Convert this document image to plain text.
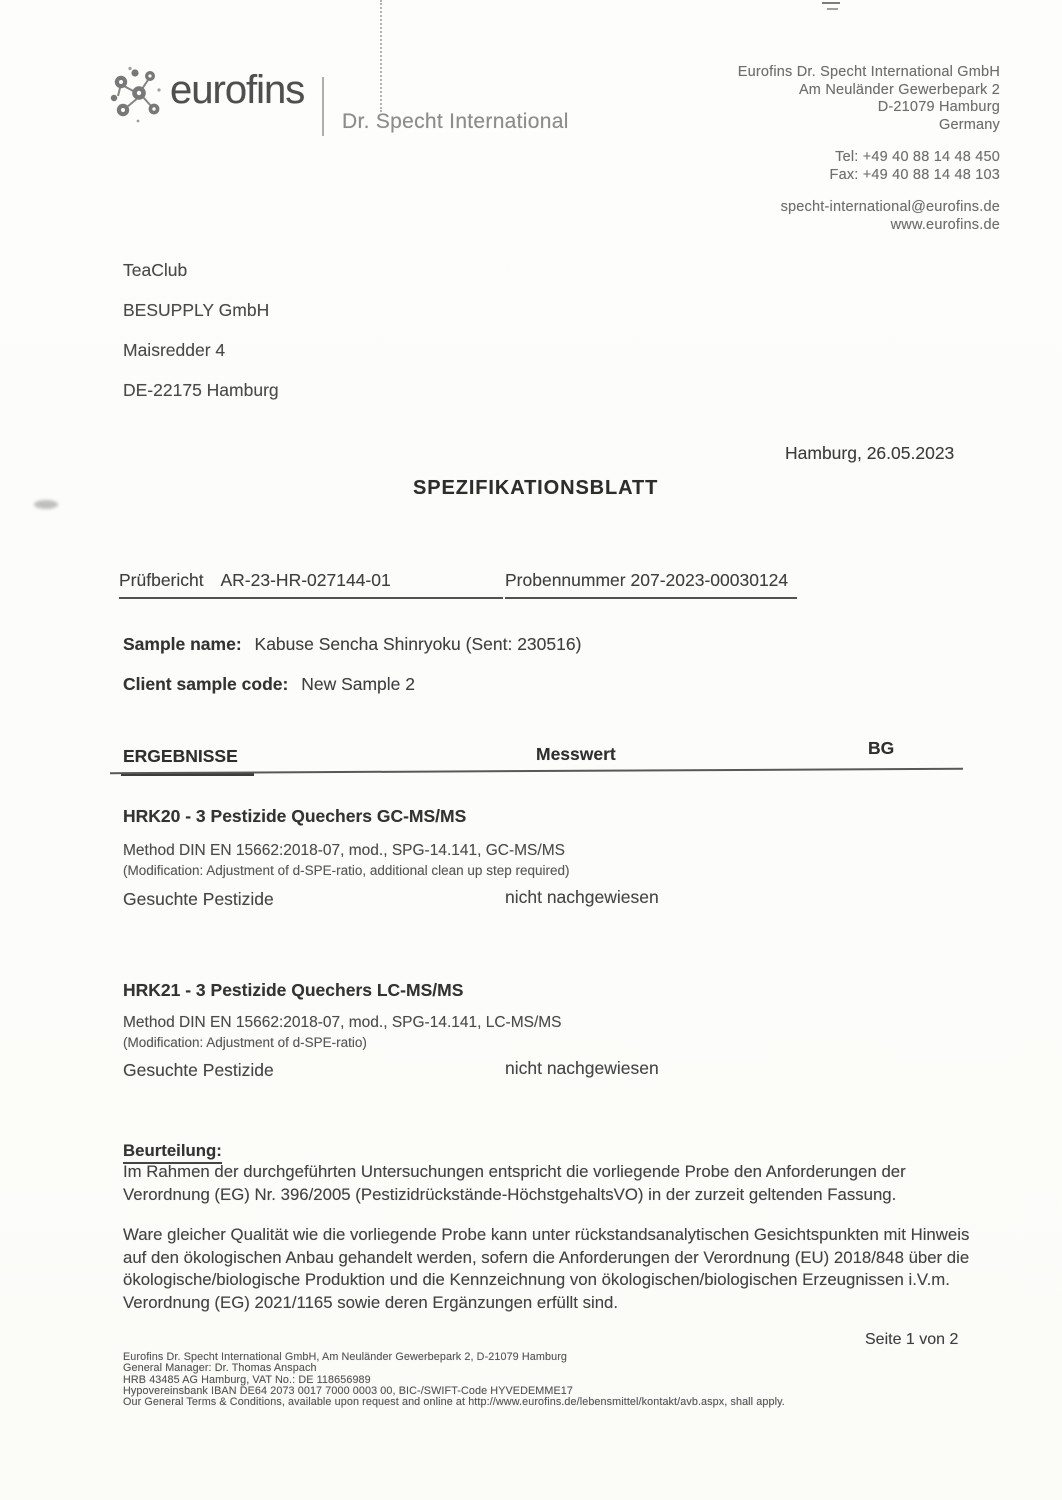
eurofins
Dr. Specht International
Eurofins Dr. Specht International GmbH
Am Neuländer Gewerbepark 2
D-21079 Hamburg
Germany
Tel: +49 40 88 14 48 450
Fax: +49 40 88 14 48 103
specht-international@eurofins.de
www.eurofins.de
TeaClub
BESUPPLY GmbH
Maisredder 4
DE-22175 Hamburg
Hamburg, 26.05.2023
SPEZIFIKATIONSBLATT
Prüfbericht AR-23-HR-027144-01	Probennummer 207-2023-00030124
Sample name: Kabuse Sencha Shinryoku (Sent: 230516)
Client sample code: New Sample 2
ERGEBNISSE	Messwert	BG
HRK20 - 3 Pestizide Quechers GC-MS/MS
Method DIN EN 15662:2018-07, mod., SPG-14.141, GC-MS/MS
(Modification: Adjustment of d-SPE-ratio, additional clean up step required)
Gesuchte Pestizide	nicht nachgewiesen
HRK21 - 3 Pestizide Quechers LC-MS/MS
Method DIN EN 15662:2018-07, mod., SPG-14.141, LC-MS/MS
(Modification: Adjustment of d-SPE-ratio)
Gesuchte Pestizide	nicht nachgewiesen
Beurteilung:
Im Rahmen der durchgeführten Untersuchungen entspricht die vorliegende Probe den Anforderungen der Verordnung (EG) Nr. 396/2005 (Pestizidrückstände-HöchstgehaltsVO) in der zurzeit geltenden Fassung.
Ware gleicher Qualität wie die vorliegende Probe kann unter rückstandsanalytischen Gesichtspunkten mit Hinweis auf den ökologischen Anbau gehandelt werden, sofern die Anforderungen der Verordnung (EU) 2018/848 über die ökologische/biologische Produktion und die Kennzeichnung von ökologischen/biologischen Erzeugnissen i.V.m. Verordnung (EG) 2021/1165 sowie deren Ergänzungen erfüllt sind.
Seite 1 von 2
Eurofins Dr. Specht International GmbH, Am Neuländer Gewerbepark 2, D-21079 Hamburg
General Manager: Dr. Thomas Anspach
HRB 43485 AG Hamburg, VAT No.: DE 118656989
Hypovereinsbank IBAN DE64 2073 0017 7000 0003 00, BIC-/SWIFT-Code HYVEDEMME17
Our General Terms & Conditions, available upon request and online at http://www.eurofins.de/lebensmittel/kontakt/avb.aspx, shall apply.
